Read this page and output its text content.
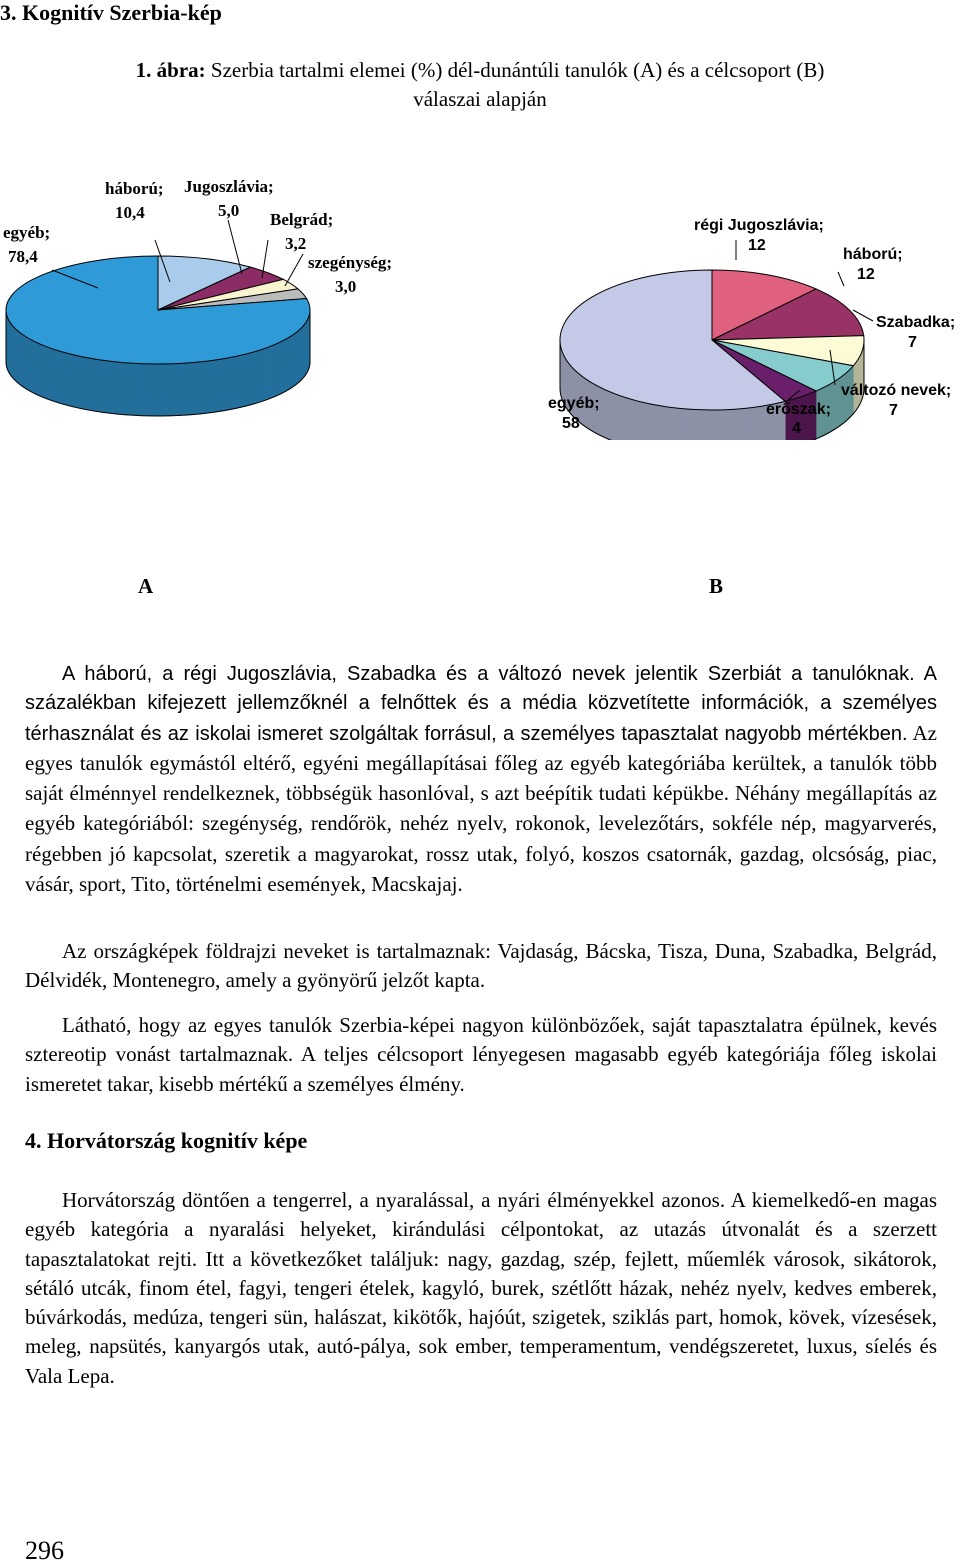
3. Kognitív Szerbia-kép
1. ábra: Szerbia tartalmi elemei (%) dél-dunántúli tanulók (A) és a célcsoport (B)
válaszai alapján
egyéb;
78,4
háború;
10,4
Jugoszlávia;
5,0 Belgrád;
3,2
szegénység;
3,0
régi Jugoszlávia;
12
háború;
12
Szabadka;
7
változó nevek;
7
erőszak;
4
egyéb;
58
A	B

A háború, a régi Jugoszlávia, Szabadka és a változó nevek jelentik Szerbiát a tanulóknak. A százalékban kifejezett jellemzőknél a felnőttek és a média közvetítette információk, a személyes térhasználat és az iskolai ismeret szolgáltak forrásul, a személyes tapasztalat nagyobb mértékben. Az egyes tanulók egymástól eltérő, egyéni megállapításai főleg az egyéb kategóriába kerültek, a tanulók több saját élménnyel rendelkeznek, többségük hasonlóval, s azt beépítik tudati képükbe. Néhány megállapítás az egyéb kategóriából: szegénység, rendőrök, nehéz nyelv, rokonok, levelezőtárs, sokféle nép, magyarverés, régebben jó kapcsolat, szeretik a magyarokat, rossz utak, folyó, koszos csatornák, gazdag, olcsóság, piac, vásár, sport, Tito, történelmi események, Macskajaj.

Az országképek földrajzi neveket is tartalmaznak: Vajdaság, Bácska, Tisza, Duna, Szabadka, Belgrád, Délvidék, Montenegro, amely a gyönyörű jelzőt kapta.

Látható, hogy az egyes tanulók Szerbia-képei nagyon különbözőek, saját tapasztalatra épülnek, kevés sztereotip vonást tartalmaznak. A teljes célcsoport lényegesen magasabb egyéb kategóriája főleg iskolai ismeretet takar, kisebb mértékű a személyes élmény.

4. Horvátország kognitív képe

Horvátország döntően a tengerrel, a nyaralással, a nyári élményekkel azonos. A kiemelkedő-en magas egyéb kategória a nyaralási helyeket, kirándulási célpontokat, az utazás útvonalát és a szerzett tapasztalatokat rejti. Itt a következőket találjuk: nagy, gazdag, szép, fejlett, műemlék városok, sikátorok, sétáló utcák, finom étel, fagyi, tengeri ételek, kagyló, burek, szétlőtt házak, nehéz nyelv, kedves emberek, búvárkodás, medúza, tengeri sün, halászat, kikötők, hajóút, szigetek, sziklás part, homok, kövek, vízesések, meleg, napsütés, kanyargós utak, autó-pálya, sok ember, temperamentum, vendégszeretet, luxus, síelés és Vala Lepa.

296
